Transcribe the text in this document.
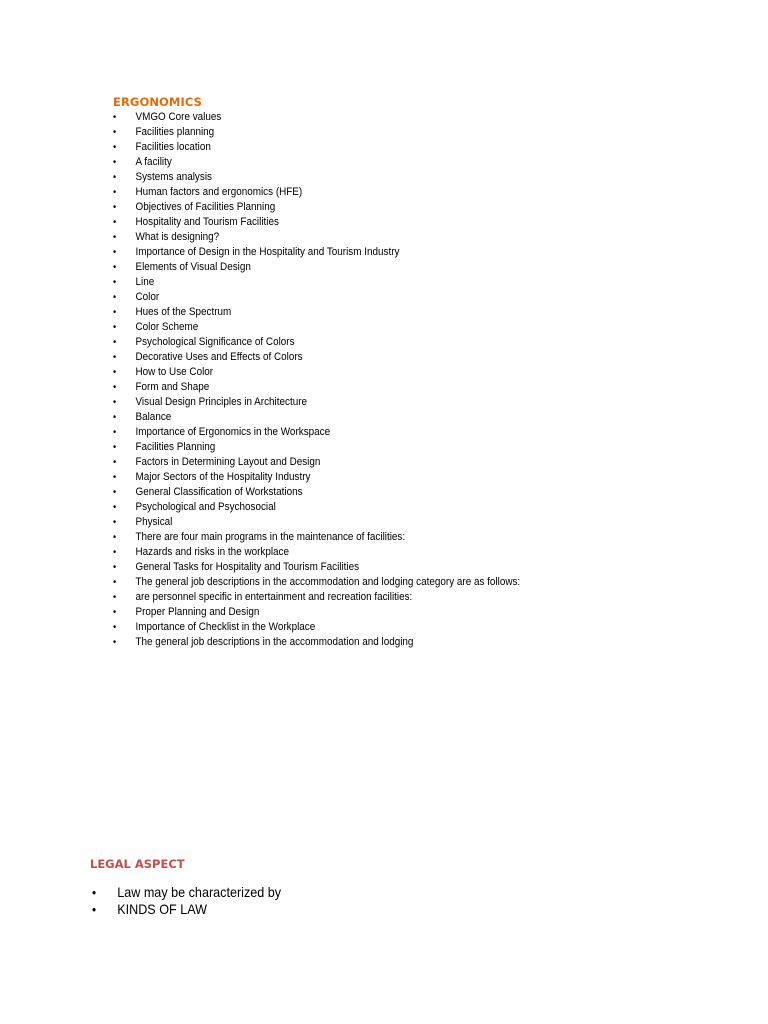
ERGONOMICS
•	VMGO Core values
•	Facilities planning
•	Facilities location
•	A facility
•	Systems analysis
•	Human factors and ergonomics (HFE)
•	Objectives of Facilities Planning
•	Hospitality and Tourism Facilities
•	What is designing?
•	Importance of Design in the Hospitality and Tourism Industry
•	Elements of Visual Design
•	Line
•	Color
•	Hues of the Spectrum
•	Color Scheme
•	Psychological Significance of Colors
•	Decorative Uses and Effects of Colors
•	How to Use Color
•	Form and Shape
•	Visual Design Principles in Architecture
•	Balance
•	Importance of Ergonomics in the Workspace
•	Facilities Planning
•	Factors in Determining Layout and Design
•	Major Sectors of the Hospitality Industry
•	General Classification of Workstations
•	Psychological and Psychosocial
•	Physical
•	There are four main programs in the maintenance of facilities:
•	Hazards and risks in the workplace
•	General Tasks for Hospitality and Tourism Facilities
•	The general job descriptions in the accommodation and lodging category are as follows:
•	are personnel specific in entertainment and recreation facilities:
•	Proper Planning and Design
•	Importance of Checklist in the Workplace
•	The general job descriptions in the accommodation and lodging
LEGAL ASPECT
• Law may be characterized by
• KINDS OF LAW
